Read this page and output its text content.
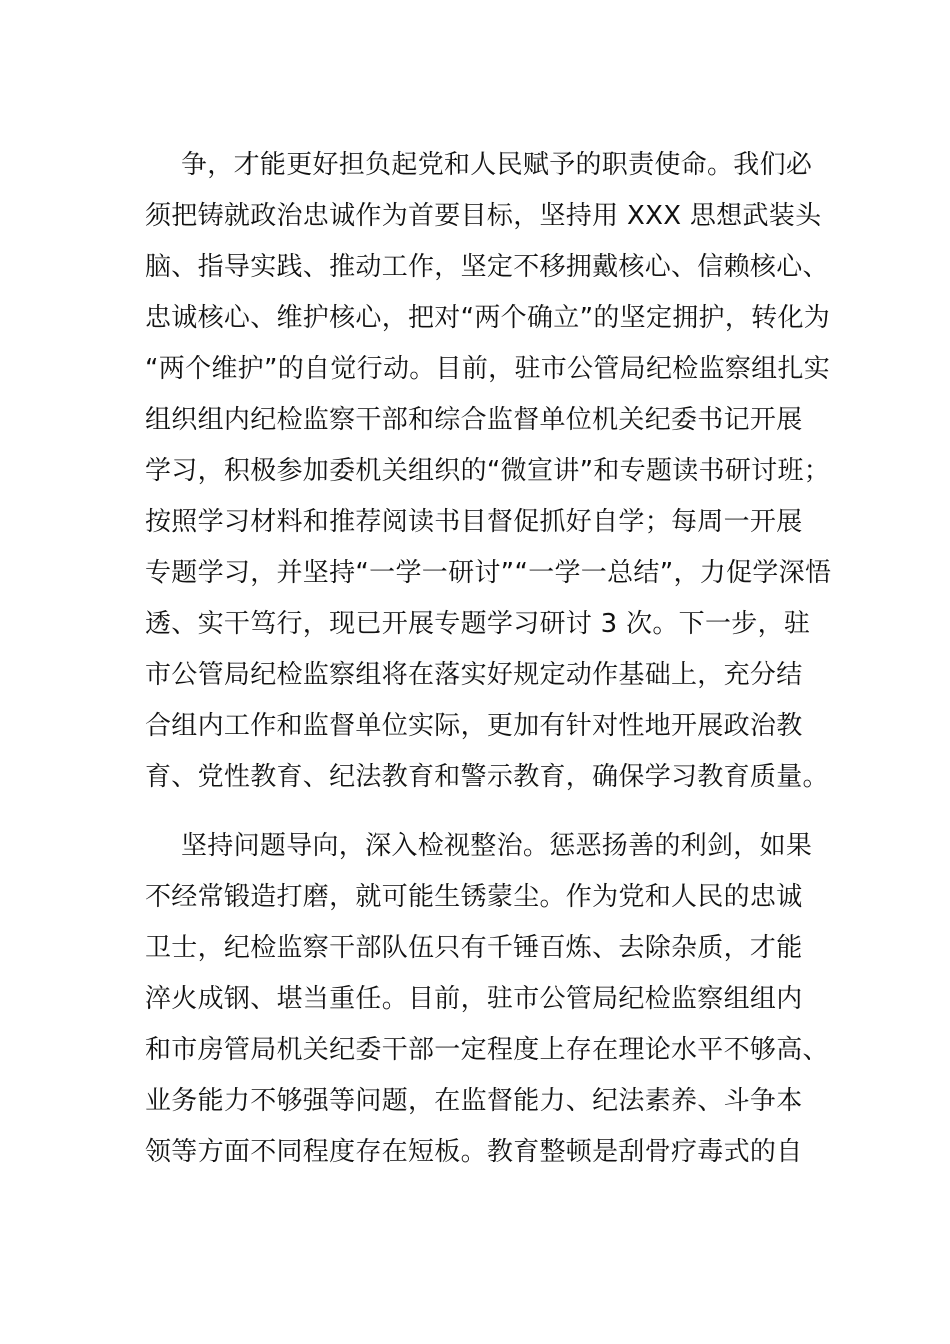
争，才能更好担负起党和人民赋予的职责使命。我们必
须把铸就政治忠诚作为首要目标，坚持用 XXX 思想武装头
脑、指导实践、推动工作，坚定不移拥戴核心、信赖核心、
忠诚核心、维护核心，把对“两个确立”的坚定拥护，转化为
“两个维护”的自觉行动。目前，驻市公管局纪检监察组扎实
组织组内纪检监察干部和综合监督单位机关纪委书记开展
学习，积极参加委机关组织的“微宣讲”和专题读书研讨班；
按照学习材料和推荐阅读书目督促抓好自学；每周一开展
专题学习，并坚持“一学一研讨”“一学一总结”，力促学深悟
透、实干笃行，现已开展专题学习研讨 3 次。下一步，驻
市公管局纪检监察组将在落实好规定动作基础上，充分结
合组内工作和监督单位实际，更加有针对性地开展政治教
育、党性教育、纪法教育和警示教育，确保学习教育质量。
坚持问题导向，深入检视整治。惩恶扬善的利剑，如果
不经常锻造打磨，就可能生锈蒙尘。作为党和人民的忠诚
卫士，纪检监察干部队伍只有千锤百炼、去除杂质，才能
淬火成钢、堪当重任。目前，驻市公管局纪检监察组组内
和市房管局机关纪委干部一定程度上存在理论水平不够高、
业务能力不够强等问题，在监督能力、纪法素养、斗争本
领等方面不同程度存在短板。教育整顿是刮骨疗毒式的自
